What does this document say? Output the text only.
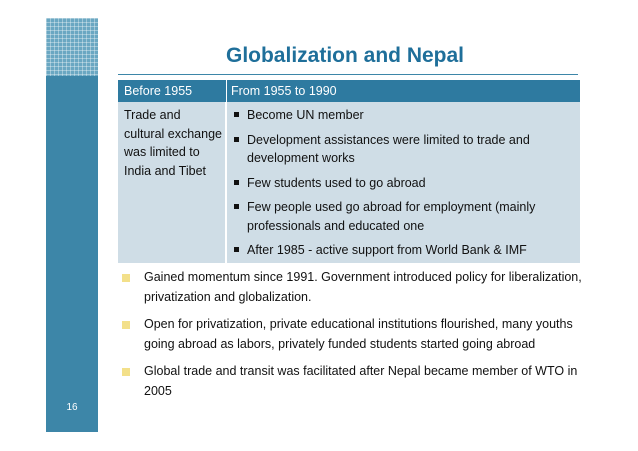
16
Globalization and Nepal
Before 1955	From 1955 to 1990
Trade and cultural exchange was limited to India and Tibet
Become UN member
Development assistances were limited to trade and development works
Few students used to go abroad
Few people used go abroad for employment (mainly professionals and educated one
After 1985 - active support from World Bank & IMF
Gained momentum since 1991. Government introduced policy for liberalization, privatization and globalization.
Open for privatization, private educational institutions flourished, many youths going abroad as labors, privately funded students started going abroad
Global trade and transit was facilitated after Nepal became member of WTO in 2005
